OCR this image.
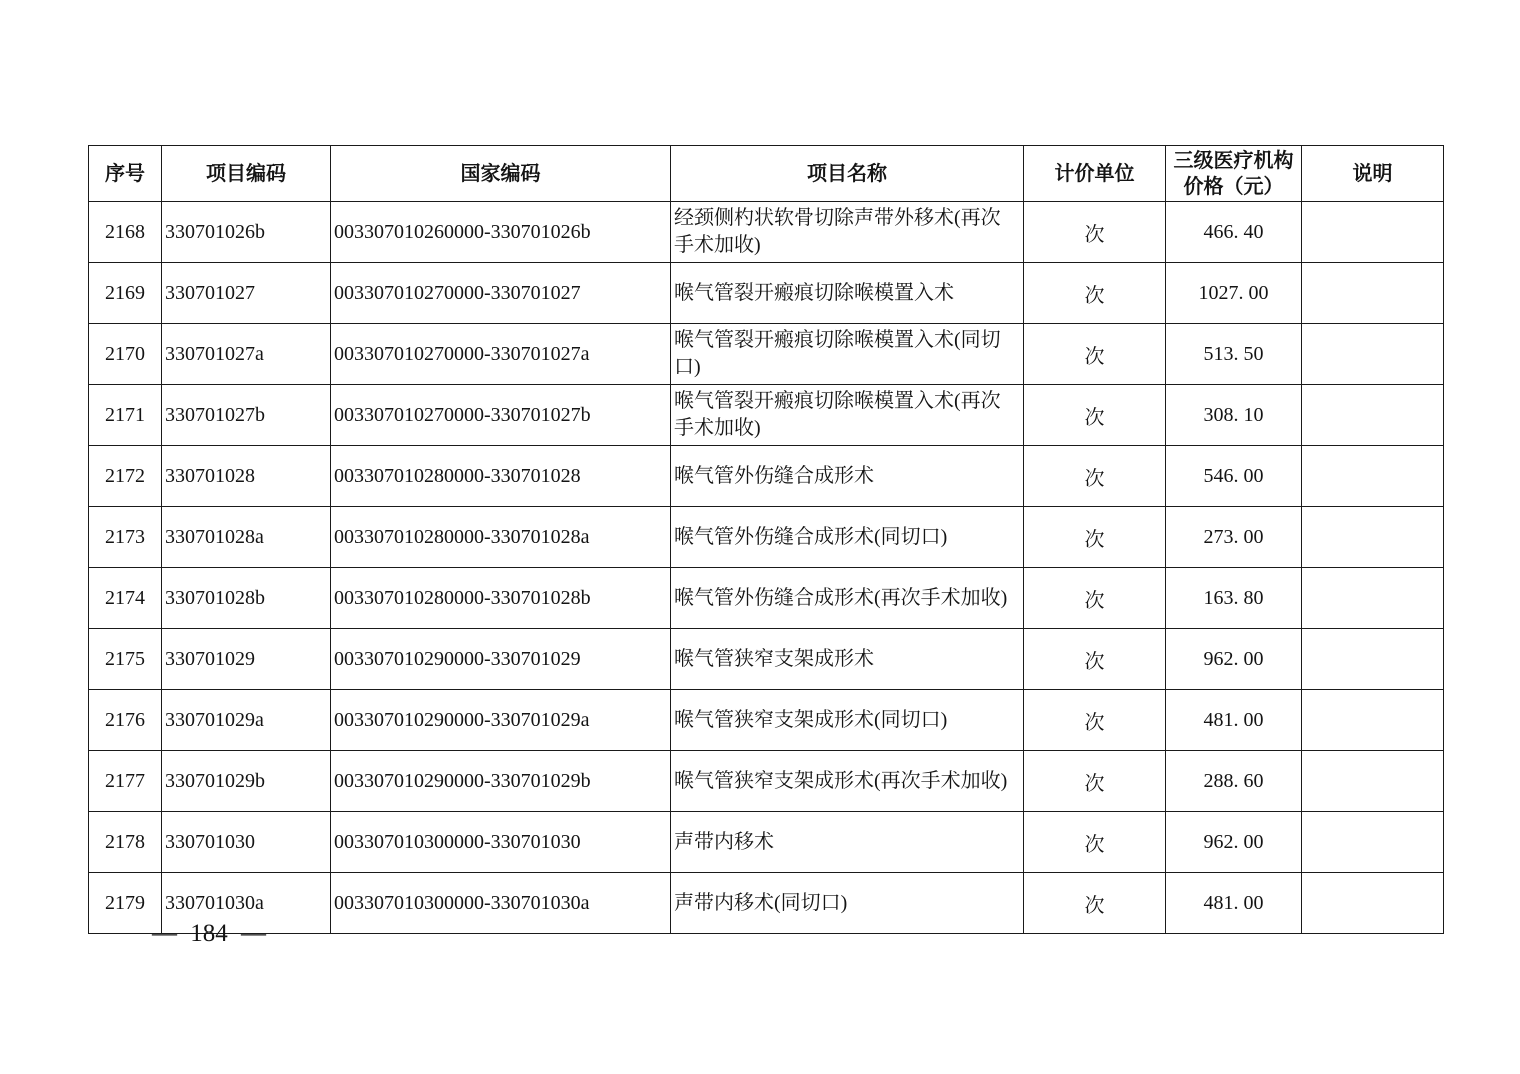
序号	项目编码	国家编码	项目名称	计价单位	三级医疗机构
价格（元）	说明
2168	330701026b	003307010260000-330701026b	经颈侧杓状软骨切除声带外移术(再次手术加收)	次	466. 40	
2169	330701027	003307010270000-330701027	喉气管裂开瘢痕切除喉模置入术	次	1027. 00	
2170	330701027a	003307010270000-330701027a	喉气管裂开瘢痕切除喉模置入术(同切口)	次	513. 50	
2171	330701027b	003307010270000-330701027b	喉气管裂开瘢痕切除喉模置入术(再次手术加收)	次	308. 10	
2172	330701028	003307010280000-330701028	喉气管外伤缝合成形术	次	546. 00	
2173	330701028a	003307010280000-330701028a	喉气管外伤缝合成形术(同切口)	次	273. 00	
2174	330701028b	003307010280000-330701028b	喉气管外伤缝合成形术(再次手术加收)	次	163. 80	
2175	330701029	003307010290000-330701029	喉气管狭窄支架成形术	次	962. 00	
2176	330701029a	003307010290000-330701029a	喉气管狭窄支架成形术(同切口)	次	481. 00	
2177	330701029b	003307010290000-330701029b	喉气管狭窄支架成形术(再次手术加收)	次	288. 60	
2178	330701030	003307010300000-330701030	声带内移术	次	962. 00	
2179	330701030a	003307010300000-330701030a	声带内移术(同切口)	次	481. 00	
— 184 —
